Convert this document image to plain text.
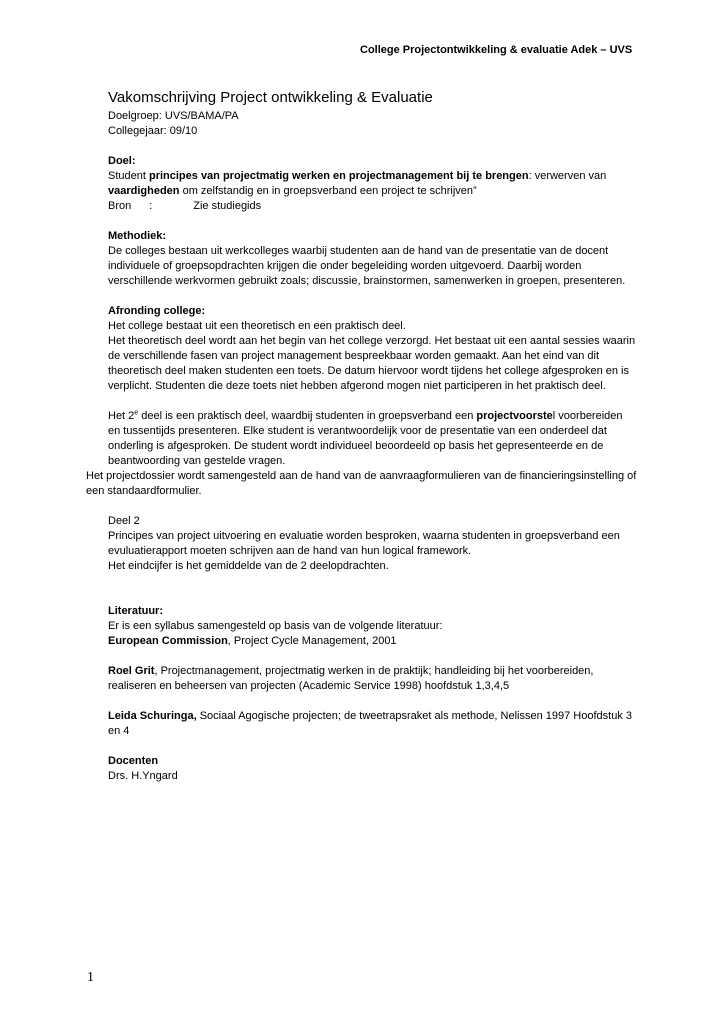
College Projectontwikkeling & evaluatie Adek – UVS
Vakomschrijving Project ontwikkeling & Evaluatie
Doelgroep: UVS/BAMA/PA
Collegejaar: 09/10
Doel:
Student principes van projectmatig werken en projectmanagement bij te brengen: verwerven van
vaardigheden om zelfstandig en in groepsverband een project te schrijven”
Bron :	Zie studiegids
Methodiek:
De colleges bestaan uit werkcolleges waarbij studenten aan de hand van de presentatie van de docent
individuele of groepsopdrachten krijgen die onder begeleiding worden uitgevoerd. Daarbij worden
verschillende werkvormen gebruikt zoals; discussie, brainstormen, samenwerken in groepen, presenteren.
Afronding college:
Het college bestaat uit een theoretisch en een praktisch deel.
Het theoretisch deel wordt aan het begin van het college verzorgd. Het bestaat uit een aantal sessies waarin
de verschillende fasen van project management bespreekbaar worden gemaakt. Aan het eind van dit
theoretisch deel maken studenten een toets. De datum hiervoor wordt tijdens het college afgesproken en is
verplicht. Studenten die deze toets niet hebben afgerond mogen niet participeren in het praktisch deel.
Het 2e deel is een praktisch deel, waardbij studenten in groepsverband een projectvoorstel voorbereiden
en tussentijds presenteren. Elke student is verantwoordelijk voor de presentatie van een onderdeel dat
onderling is afgesproken. De student wordt individueel beoordeeld op basis het gepresenteerde en de
beantwoording van gestelde vragen.
Het projectdossier wordt samengesteld aan de hand van de aanvraagformulieren van de financieringsinstelling of
een standaardformulier.
Deel 2
Principes van project uitvoering en evaluatie worden besproken, waarna studenten in groepsverband een
evuluatierapport moeten schrijven aan de hand van hun logical framework.
Het eindcijfer is het gemiddelde van de 2 deelopdrachten.
Literatuur:
Er is een syllabus samengesteld op basis van de volgende literatuur:
European Commission, Project Cycle Management, 2001
Roel Grit, Projectmanagement, projectmatig werken in de praktijk; handleiding bij het voorbereiden,
realiseren en beheersen van projecten (Academic Service 1998) hoofdstuk 1,3,4,5
Leida Schuringa, Sociaal Agogische projecten; de tweetrapsraket als methode, Nelissen 1997 Hoofdstuk 3
en 4
Docenten
Drs. H.Yngard
1
